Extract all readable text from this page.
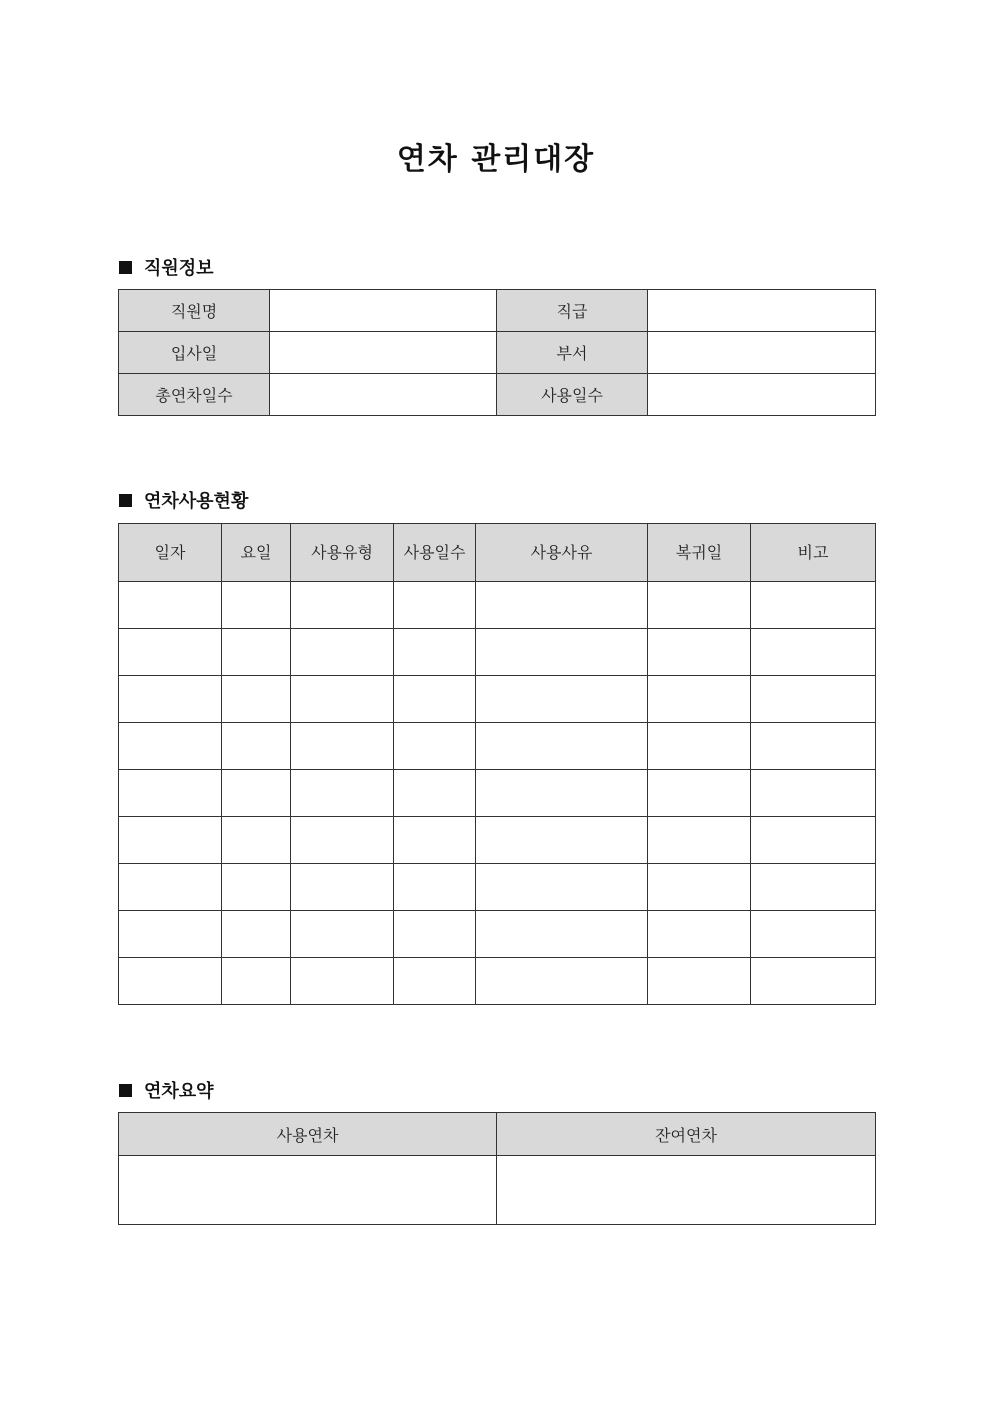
연차 관리대장
직원정보
직원명		직급	
입사일		부서	
총연차일수		사용일수	
연차사용현황
일자	요일	사용유형	사용일수	사용사유	복귀일	비고

연차요약
사용연차	잔여연차
